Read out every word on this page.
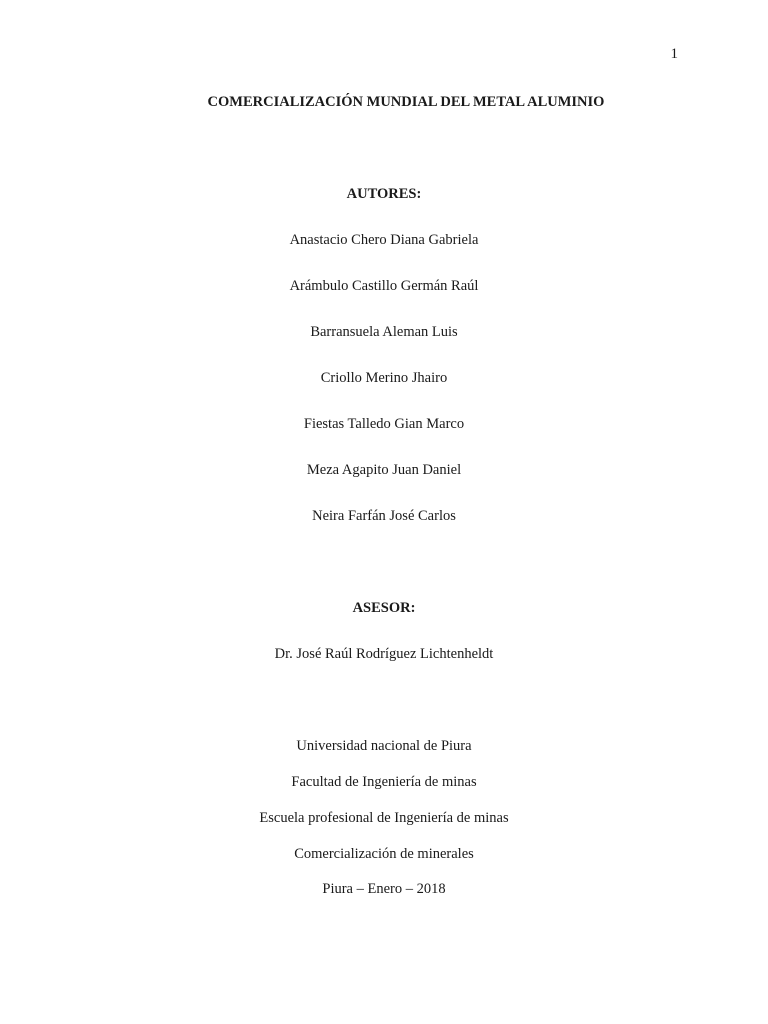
1
COMERCIALIZACIÓN MUNDIAL DEL METAL ALUMINIO
AUTORES:
Anastacio Chero Diana Gabriela
Arámbulo Castillo Germán Raúl
Barransuela Aleman Luis
Criollo Merino Jhairo
Fiestas Talledo Gian Marco
Meza Agapito Juan Daniel
Neira Farfán José Carlos
ASESOR:
Dr. José Raúl Rodríguez Lichtenheldt
Universidad nacional de Piura
Facultad de Ingeniería de minas
Escuela profesional de Ingeniería de minas
Comercialización de minerales
Piura – Enero – 2018
